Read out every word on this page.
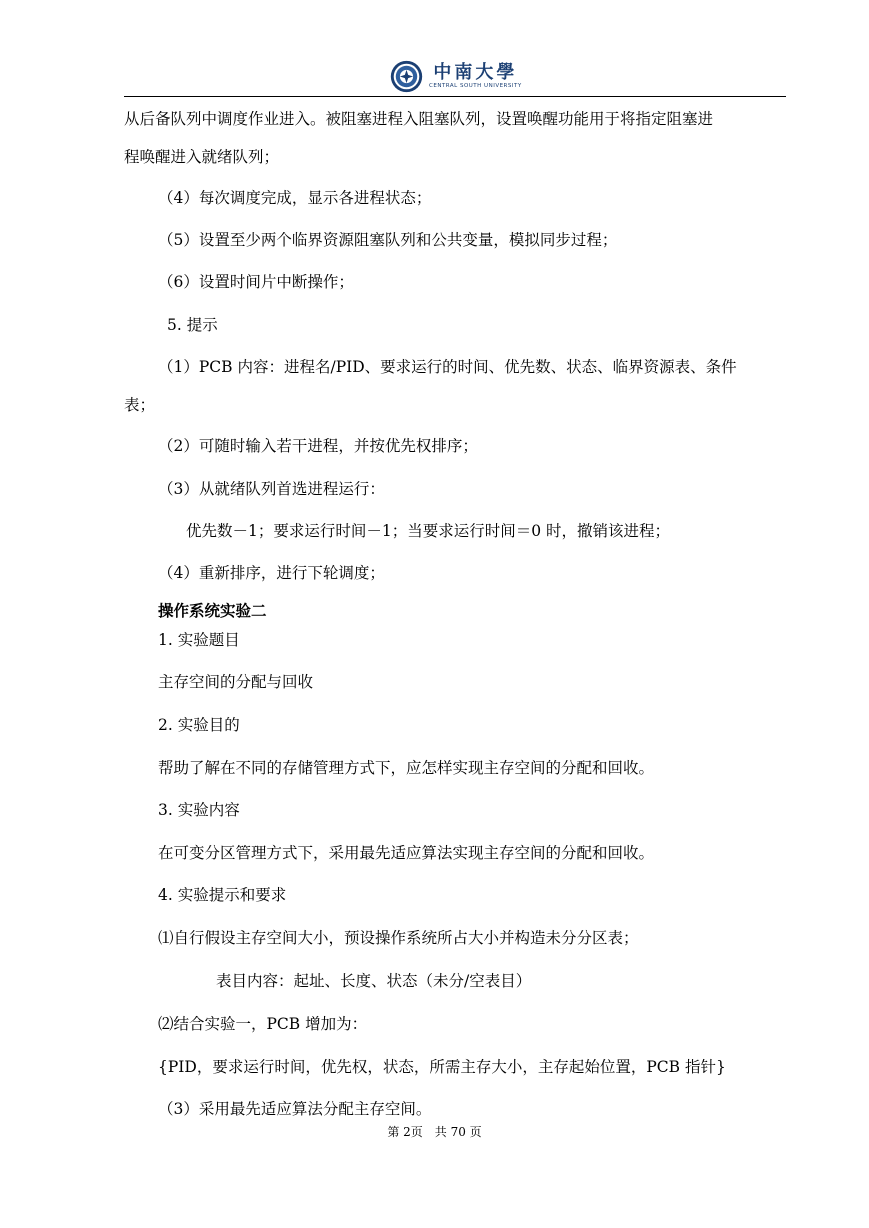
中南大學
CENTRAL SOUTH UNIVERSITY
从后备队列中调度作业进入。被阻塞进程入阻塞队列，设置唤醒功能用于将指定阻塞进
程唤醒进入就绪队列；
（4）每次调度完成，显示各进程状态；
（5）设置至少两个临界资源阻塞队列和公共变量，模拟同步过程；
（6）设置时间片中断操作；
5. 提示
（1）PCB 内容：进程名/PID、要求运行的时间、优先数、状态、临界资源表、条件
表；
（2）可随时输入若干进程，并按优先权排序；
（3）从就绪队列首选进程运行：
优先数－1；要求运行时间－1；当要求运行时间＝0 时，撤销该进程；
（4）重新排序，进行下轮调度；
操作系统实验二
1. 实验题目
主存空间的分配与回收
2. 实验目的
帮助了解在不同的存储管理方式下，应怎样实现主存空间的分配和回收。
3. 实验内容
在可变分区管理方式下，采用最先适应算法实现主存空间的分配和回收。
4. 实验提示和要求
⑴自行假设主存空间大小，预设操作系统所占大小并构造未分分区表；
表目内容：起址、长度、状态（未分/空表目）
⑵结合实验一，PCB 增加为：
{PID，要求运行时间，优先权，状态，所需主存大小，主存起始位置，PCB 指针}
（3）采用最先适应算法分配主存空间。
第 2页　共 70 页
